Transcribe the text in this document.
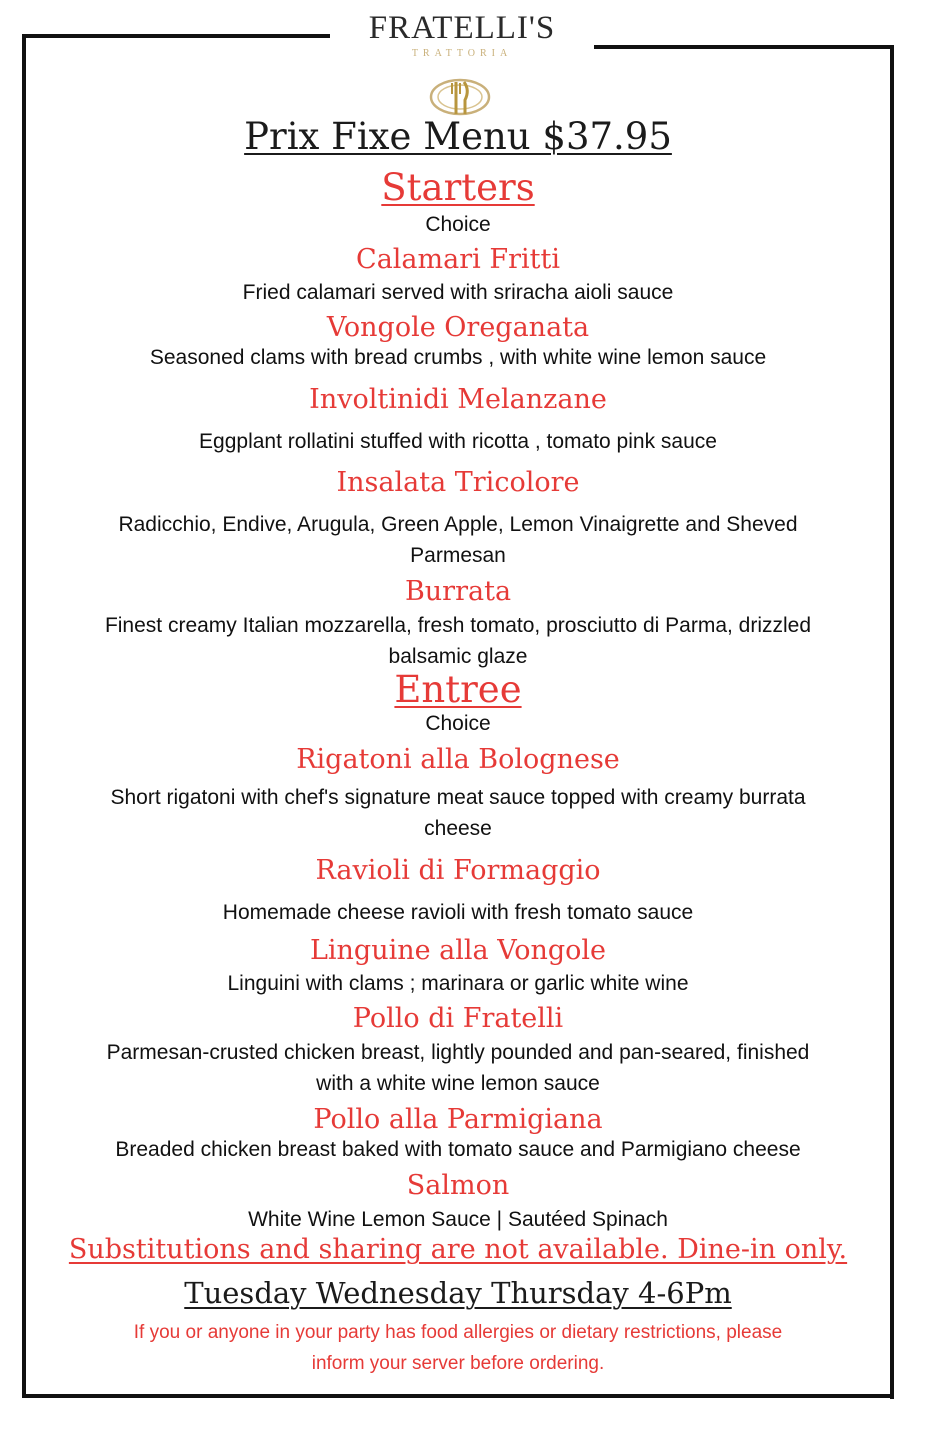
FRATELLI'S
TRATTORIA
Prix Fixe Menu $37.95
Starters
Choice
Calamari Fritti
Fried calamari served with sriracha aioli sauce
Vongole Oreganata
Seasoned clams with bread crumbs , with white wine lemon sauce
Involtinidi Melanzane
Eggplant rollatini stuffed with ricotta , tomato pink sauce
Insalata Tricolore
Radicchio, Endive, Arugula, Green Apple, Lemon Vinaigrette and Sheved
Parmesan
Burrata
Finest creamy Italian mozzarella, fresh tomato, prosciutto di Parma, drizzled
balsamic glaze
Entree
Choice
Rigatoni alla Bolognese
Short rigatoni with chef's signature meat sauce topped with creamy burrata
cheese
Ravioli di Formaggio
Homemade cheese ravioli with fresh tomato sauce
Linguine alla Vongole
Linguini with clams ; marinara or garlic white wine
Pollo di Fratelli
Parmesan-crusted chicken breast, lightly pounded and pan-seared, finished
with a white wine lemon sauce
Pollo alla Parmigiana
Breaded chicken breast baked with tomato sauce and Parmigiano cheese
Salmon
White Wine Lemon Sauce | Sautéed Spinach
Substitutions and sharing are not available. Dine-in only.
Tuesday Wednesday Thursday 4-6Pm
If you or anyone in your party has food allergies or dietary restrictions, please
inform your server before ordering.
